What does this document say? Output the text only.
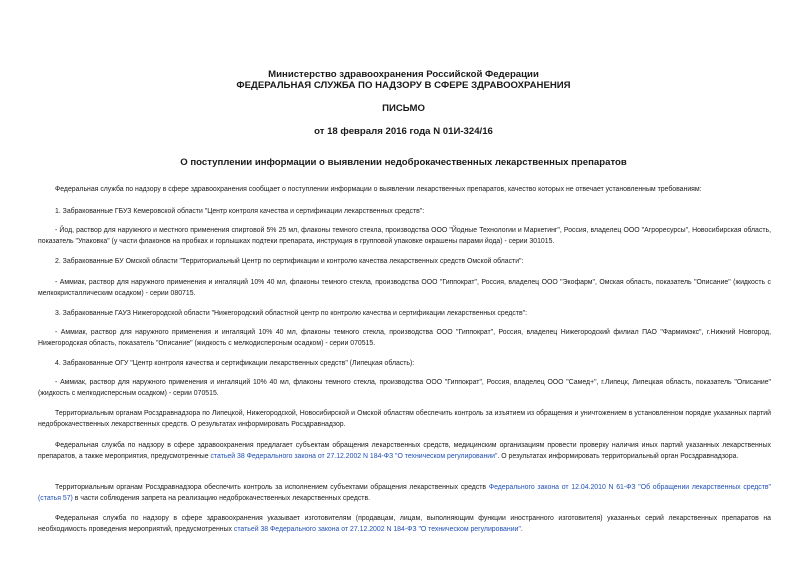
Министерство здравоохранения Российской Федерации
ФЕДЕРАЛЬНАЯ СЛУЖБА ПО НАДЗОРУ В СФЕРЕ ЗДРАВООХРАНЕНИЯ
ПИСЬМО
от 18 февраля 2016 года N 01И-324/16
О поступлении информации о выявлении недоброкачественных лекарственных препаратов
Федеральная служба по надзору в сфере здравоохранения сообщает о поступлении информации о выявлении лекарственных препаратов, качество которых не отвечает установленным требованиям:
1. Забракованные ГБУЗ Кемеровской области "Центр контроля качества и сертификации лекарственных средств":
- Йод, раствор для наружного и местного применения спиртовой 5% 25 мл, флаконы темного стекла, производства ООО "Йодные Технологии и Маркетинг", Россия, владелец ООО "Агроресурсы", Новосибирская область, показатель "Упаковка" (у части флаконов на пробках и горлышках подтеки препарата, инструкция в групповой упаковке окрашены парами йода) - серии 301015.
2. Забракованные БУ Омской области "Территориальный Центр по сертификации и контролю качества лекарственных средств Омской области":
- Аммиак, раствор для наружного применения и ингаляций 10% 40 мл, флаконы темного стекла, производства ООО "Гиппократ", Россия, владелец ООО "Экофарм", Омская область, показатель "Описание" (жидкость с мелкокристаллическим осадком) - серии 080715.
3. Забракованные ГАУЗ Нижегородской области "Нижегородский областной центр по контролю качества и сертификации лекарственных средств":
- Аммиак, раствор для наружного применения и ингаляций 10% 40 мл, флаконы темного стекла, производства ООО "Гиппократ", Россия, владелец Нижегородский филиал ПАО "Фармимэкс", г.Нижний Новгород, Нижегородская область, показатель "Описание" (жидкость с мелкодисперсным осадком) - серии 070515.
4. Забракованные ОГУ "Центр контроля качества и сертификации лекарственных средств" (Липецкая область):
- Аммиак, раствор для наружного применения и ингаляций 10% 40 мл, флаконы темного стекла, производства ООО "Гиппократ", Россия, владелец ООО "Самед+", г.Липецк, Липецкая область, показатель "Описание" (жидкость с мелкодисперсным осадком) - серии 070515.
Территориальным органам Росздравнадзора по Липецкой, Нижегородской, Новосибирской и Омской областям обеспечить контроль за изъятием из обращения и уничтожением в установленном порядке указанных партий недоброкачественных лекарственных средств. О результатах информировать Росздравнадзор.
Федеральная служба по надзору в сфере здравоохранения предлагает субъектам обращения лекарственных средств, медицинским организациям провести проверку наличия иных партий указанных лекарственных препаратов, а также мероприятия, предусмотренные статьей 38 Федерального закона от 27.12.2002 N 184-ФЗ "О техническом регулировании". О результатах информировать территориальный орган Росздравнадзора.
Территориальным органам Росздравнадзора обеспечить контроль за исполнением субъектами обращения лекарственных средств Федерального закона от 12.04.2010 N 61-ФЗ "Об обращении лекарственных средств" (статья 57) в части соблюдения запрета на реализацию недоброкачественных лекарственных средств.
Федеральная служба по надзору в сфере здравоохранения указывает изготовителям (продавцам, лицам, выполняющим функции иностранного изготовителя) указанных серий лекарственных препаратов на необходимость проведения мероприятий, предусмотренных статьей 38 Федерального закона от 27.12.2002 N 184-ФЗ "О техническом регулировании".
